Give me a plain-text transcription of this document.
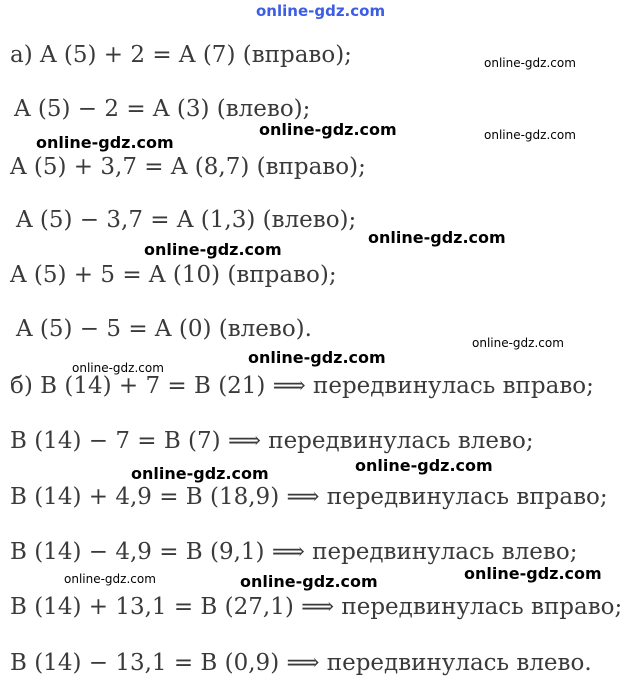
online-gdz.com
а) A (5) + 2 = A (7) (вправо);
A (5) − 2 = A (3) (влево);
A (5) + 3,7 = A (8,7) (вправо);
A (5) − 3,7 = A (1,3) (влево);
A (5) + 5 = A (10) (вправо);
A (5) − 5 = A (0) (влево).
б) B (14) + 7 = B (21) ⟹ передвинулась вправо;
B (14) − 7 = B (7) ⟹ передвинулась влево;
B (14) + 4,9 = B (18,9) ⟹ передвинулась вправо;
B (14) − 4,9 = B (9,1) ⟹ передвинулась влево;
B (14) + 13,1 = B (27,1) ⟹ передвинулась вправо;
B (14) − 13,1 = B (0,9) ⟹ передвинулась влево.
online-gdz.com
online-gdz.com	online-gdz.com
online-gdz.com
online-gdz.com
online-gdz.com
online-gdz.com
online-gdz.com
online-gdz.com
online-gdz.com
online-gdz.com
online-gdz.com
online-gdz.com	online-gdz.com
